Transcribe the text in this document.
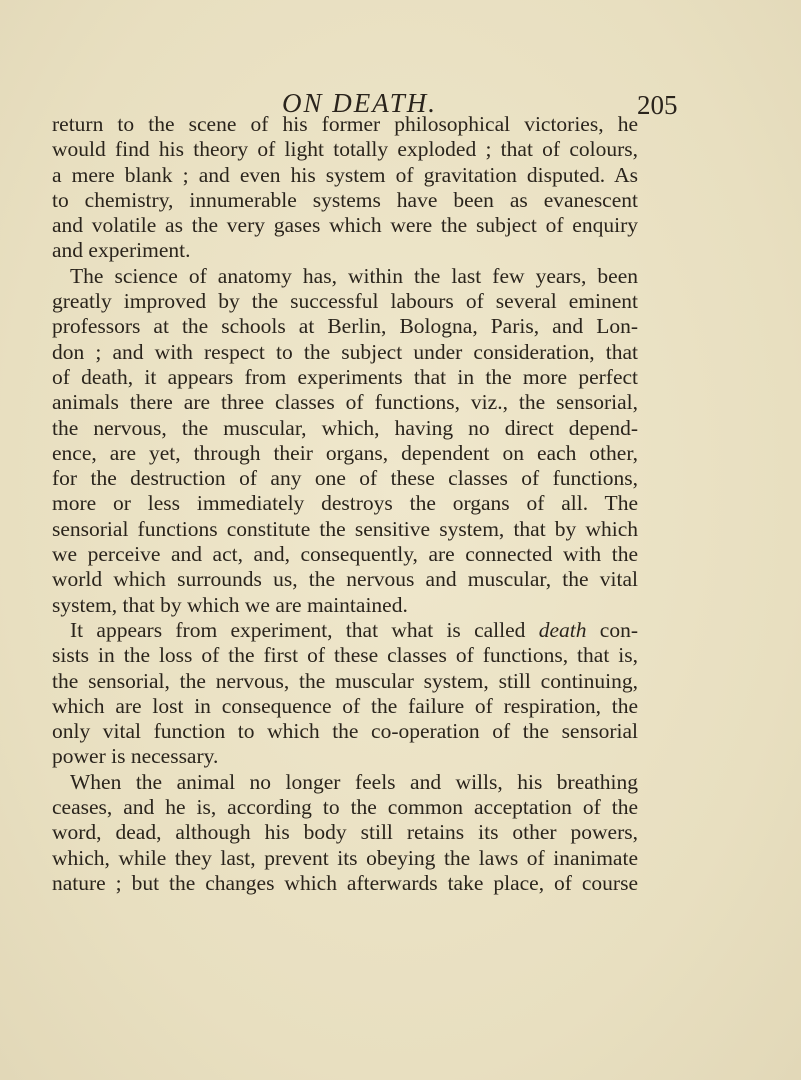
ON DEATH.	205
return to the scene of his former philosophical victories, he
would find his theory of light totally exploded ; that of colours,
a mere blank ; and even his system of gravitation disputed. As
to chemistry, innumerable systems have been as evanescent
and volatile as the very gases which were the subject of enquiry
and experiment.
The science of anatomy has, within the last few years, been
greatly improved by the successful labours of several eminent
professors at the schools at Berlin, Bologna, Paris, and Lon-
don ; and with respect to the subject under consideration, that
of death, it appears from experiments that in the more perfect
animals there are three classes of functions, viz., the sensorial,
the nervous, the muscular, which, having no direct depend-
ence, are yet, through their organs, dependent on each other,
for the destruction of any one of these classes of functions,
more or less immediately destroys the organs of all. The
sensorial functions constitute the sensitive system, that by which
we perceive and act, and, consequently, are connected with the
world which surrounds us, the nervous and muscular, the vital
system, that by which we are maintained.
It appears from experiment, that what is called death con-
sists in the loss of the first of these classes of functions, that is,
the sensorial, the nervous, the muscular system, still continuing,
which are lost in consequence of the failure of respiration, the
only vital function to which the co-operation of the sensorial
power is necessary.
When the animal no longer feels and wills, his breathing
ceases, and he is, according to the common acceptation of the
word, dead, although his body still retains its other powers,
which, while they last, prevent its obeying the laws of inanimate
nature ; but the changes which afterwards take place, of course
